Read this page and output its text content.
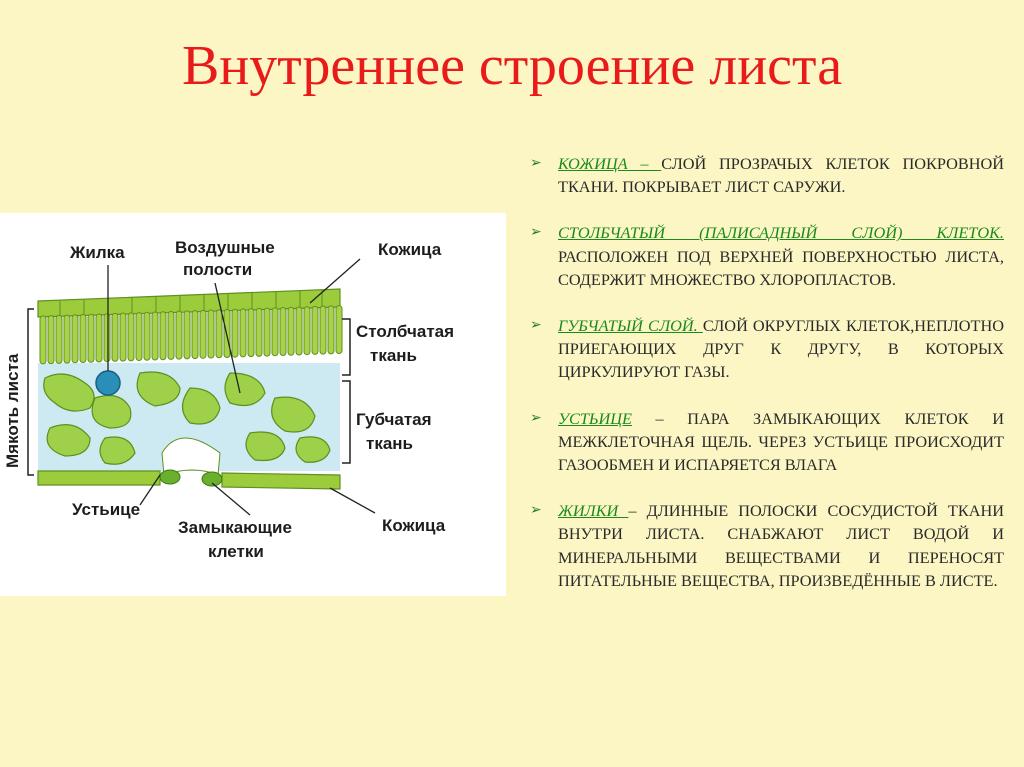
Внутреннее строение листа
Жилка	Воздушные
полости
Кожица
Столбчатая
ткань
Губчатая
ткань
Мякоть листа
Устьице
Замыкающие
клетки
Кожица
➢ КОЖИЦА – СЛОЙ ПРОЗРАЧЫХ КЛЕТОК ПОКРОВНОЙ ТКАНИ. ПОКРЫВАЕТ ЛИСТ САРУЖИ.
➢ СТОЛБЧАТЫЙ (ПАЛИСАДНЫЙ СЛОЙ) КЛЕТОК. РАСПОЛОЖЕН ПОД ВЕРХНЕЙ ПОВЕРХНОСТЬЮ ЛИСТА, СОДЕРЖИТ МНОЖЕСТВО ХЛОРОПЛАСТОВ.
➢ ГУБЧАТЫЙ СЛОЙ. СЛОЙ ОКРУГЛЫХ КЛЕТОК,НЕПЛОТНО ПРИЕГАЮЩИХ ДРУГ К ДРУГУ, В КОТОРЫХ ЦИРКУЛИРУЮТ ГАЗЫ.
➢ УСТЬИЦЕ – ПАРА ЗАМЫКАЮЩИХ КЛЕТОК И МЕЖКЛЕТОЧНАЯ ЩЕЛЬ. ЧЕРЕЗ УСТЬИЦЕ ПРОИСХОДИТ ГАЗООБМЕН И ИСПАРЯЕТСЯ ВЛАГА
➢ ЖИЛКИ – ДЛИННЫЕ ПОЛОСКИ СОСУДИСТОЙ ТКАНИ ВНУТРИ ЛИСТА. СНАБЖАЮТ ЛИСТ ВОДОЙ И МИНЕРАЛЬНЫМИ ВЕЩЕСТВАМИ И ПЕРЕНОСЯТ ПИТАТЕЛЬНЫЕ ВЕЩЕСТВА, ПРОИЗВЕДЁННЫЕ В ЛИСТЕ.
